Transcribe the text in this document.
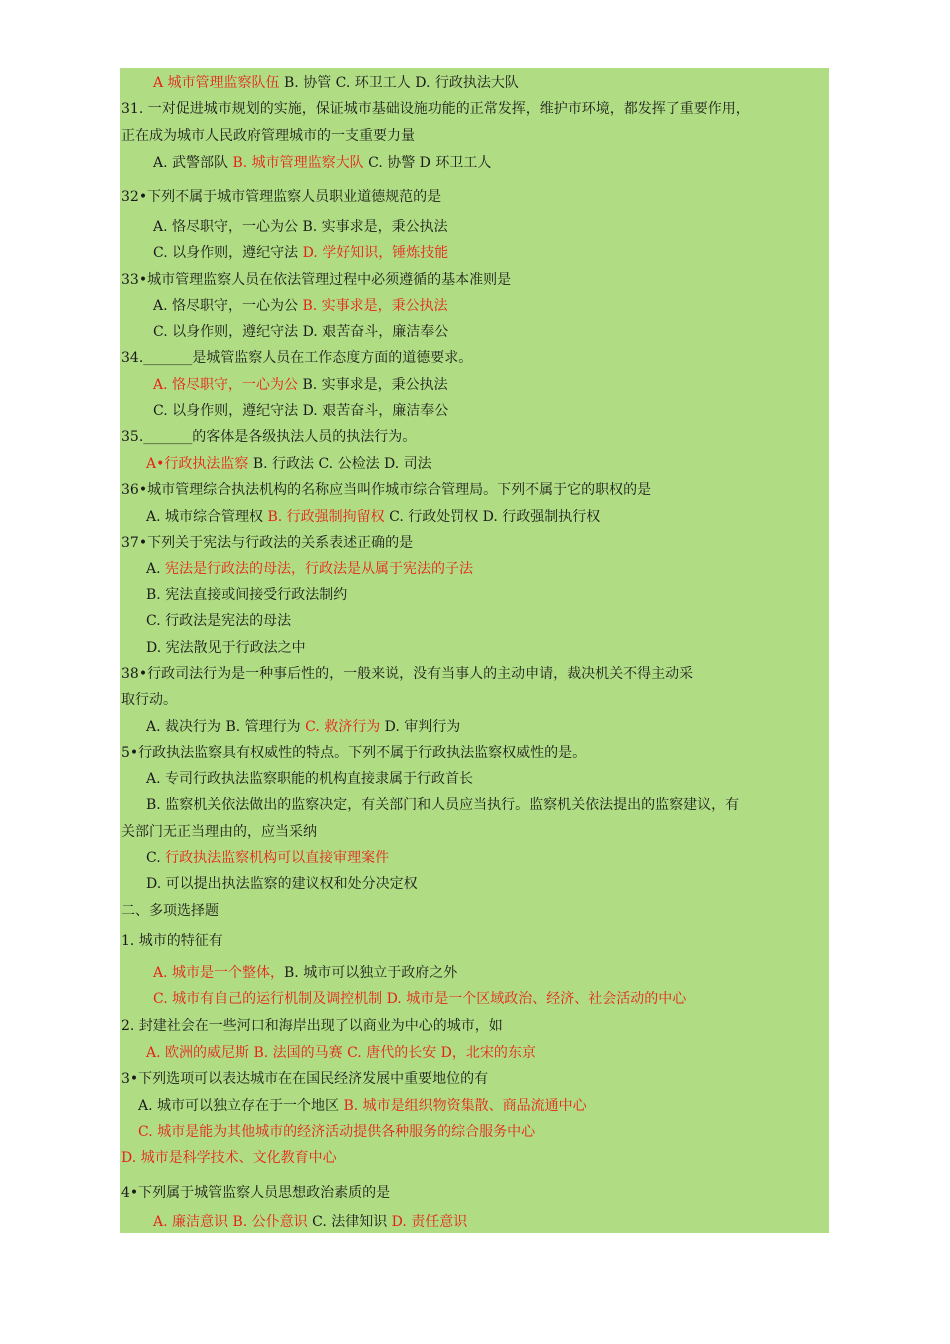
A 城市管理监察队伍 B. 协管 C. 环卫工人 D. 行政执法大队
31. 一对促进城市规划的实施，保证城市基础设施功能的正常发挥，维护市环境，都发挥了重要作用，
正在成为城市人民政府管理城市的一支重要力量
A. 武警部队 B. 城市管理监察大队 C. 协警 D 环卫工人
32•下列不属于城市管理监察人员职业道德规范的是
A. 恪尽职守，一心为公 B. 实事求是，秉公执法
C. 以身作则，遵纪守法 D. 学好知识，锤炼技能
33•城市管理监察人员在依法管理过程中必须遵循的基本准则是
A. 恪尽职守，一心为公 B. 实事求是，秉公执法
C. 以身作则，遵纪守法 D. 艰苦奋斗，廉洁奉公
34._______是城管监察人员在工作态度方面的道德要求。
A. 恪尽职守，一心为公 B. 实事求是，秉公执法
C. 以身作则，遵纪守法 D. 艰苦奋斗，廉洁奉公
35._______的客体是各级执法人员的执法行为。
A•行政执法监察 B. 行政法 C. 公检法 D. 司法
36•城市管理综合执法机构的名称应当叫作城市综合管理局。下列不属于它的职权的是
A. 城市综合管理权 B. 行政强制拘留权 C. 行政处罚权 D. 行政强制执行权
37•下列关于宪法与行政法的关系表述正确的是
A. 宪法是行政法的母法，行政法是从属于宪法的子法
B. 宪法直接或间接受行政法制约
C. 行政法是宪法的母法
D. 宪法散见于行政法之中
38•行政司法行为是一种事后性的，一般来说，没有当事人的主动申请，裁决机关不得主动采
取行动。
A. 裁决行为 B. 管理行为 C. 救济行为 D. 审判行为
5•行政执法监察具有权威性的特点。下列不属于行政执法监察权威性的是。
A. 专司行政执法监察职能的机构直接隶属于行政首长
B. 监察机关依法做出的监察决定，有关部门和人员应当执行。监察机关依法提出的监察建议，有
关部门无正当理由的，应当采纳
C. 行政执法监察机构可以直接审理案件
D. 可以提出执法监察的建议权和处分决定权
二、多项选择题
1. 城市的特征有
A. 城市是一个整体，B. 城市可以独立于政府之外
C. 城市有自己的运行机制及调控机制 D. 城市是一个区域政治、经济、社会活动的中心
2. 封建社会在一些河口和海岸出现了以商业为中心的城市，如
A. 欧洲的威尼斯 B. 法国的马赛 C. 唐代的长安 D，北宋的东京
3•下列选项可以表达城市在在国民经济发展中重要地位的有
A. 城市可以独立存在于一个地区 B. 城市是组织物资集散、商品流通中心
C. 城市是能为其他城市的经济活动提供各种服务的综合服务中心
D. 城市是科学技术、文化教育中心
4•下列属于城管监察人员思想政治素质的是
A. 廉洁意识 B. 公仆意识 C. 法律知识 D. 责任意识
